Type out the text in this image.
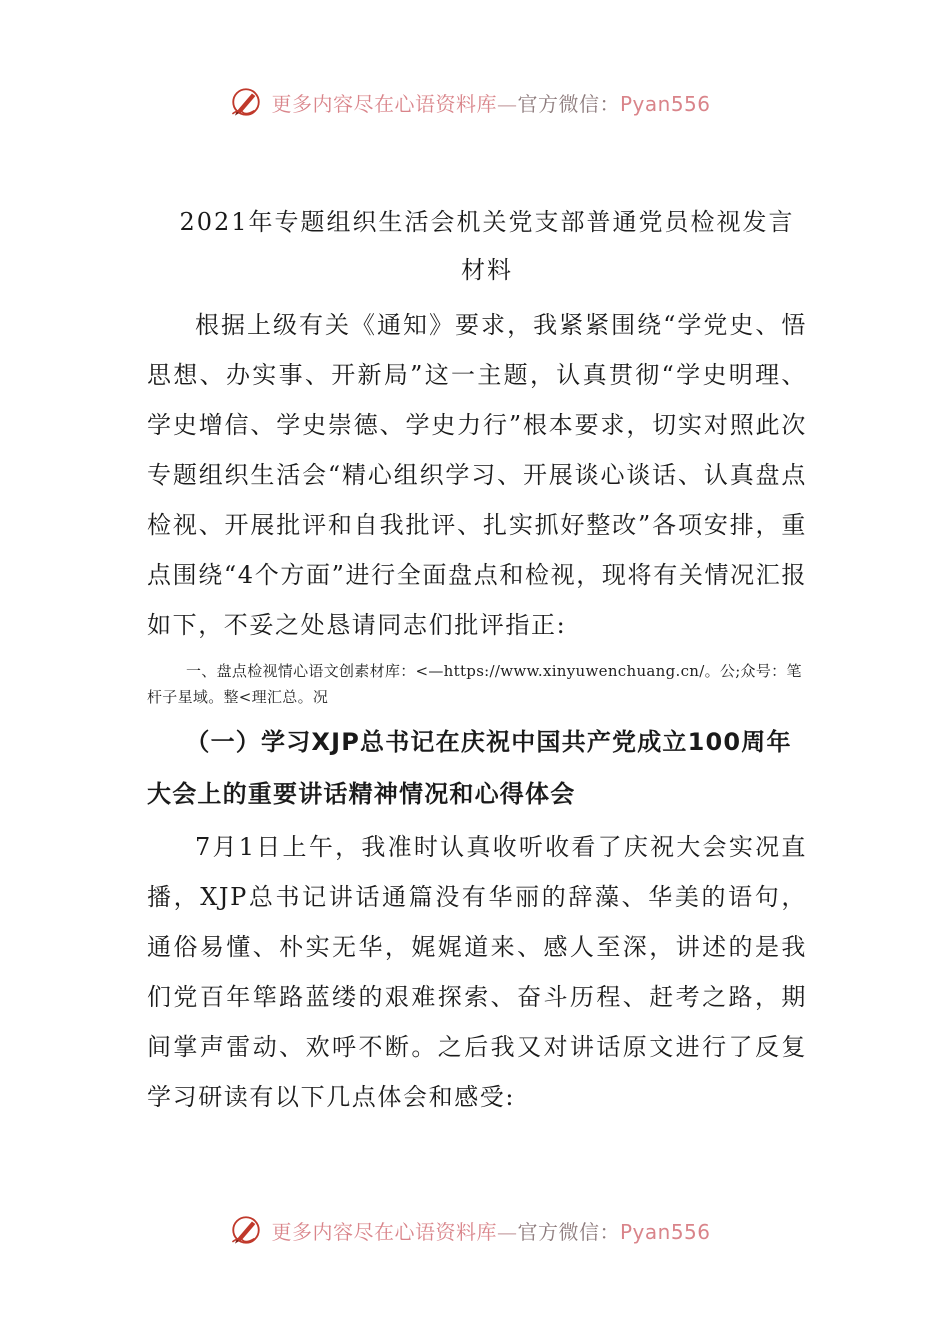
更多内容尽在心语资料库—官方微信：Pyan556
2021年专题组织生活会机关党支部普通党员检视发言材料

根据上级有关《通知》要求，我紧紧围绕“学党史、悟思想、办实事、开新局”这一主题，认真贯彻“学史明理、学史增信、学史崇德、学史力行”根本要求，切实对照此次专题组织生活会“精心组织学习、开展谈心谈话、认真盘点检视、开展批评和自我批评、扎实抓好整改”各项安排，重点围绕“4个方面”进行全面盘点和检视，现将有关情况汇报如下，不妥之处恳请同志们批评指正:

一、盘点检视情心语文创素材库：<—https://www.xinyuwenchuang.cn/。公;众号：笔杆子星域。整<理汇总。况

（一）学习XJP总书记在庆祝中国共产党成立100周年大会上的重要讲话精神情况和心得体会

7月1日上午，我准时认真收听收看了庆祝大会实况直播，XJP总书记讲话通篇没有华丽的辞藻、华美的语句，通俗易懂、朴实无华，娓娓道来、感人至深，讲述的是我们党百年筚路蓝缕的艰难探索、奋斗历程、赶考之路，期间掌声雷动、欢呼不断。之后我又对讲话原文进行了反复学习研读有以下几点体会和感受:

更多内容尽在心语资料库—官方微信：Pyan556
